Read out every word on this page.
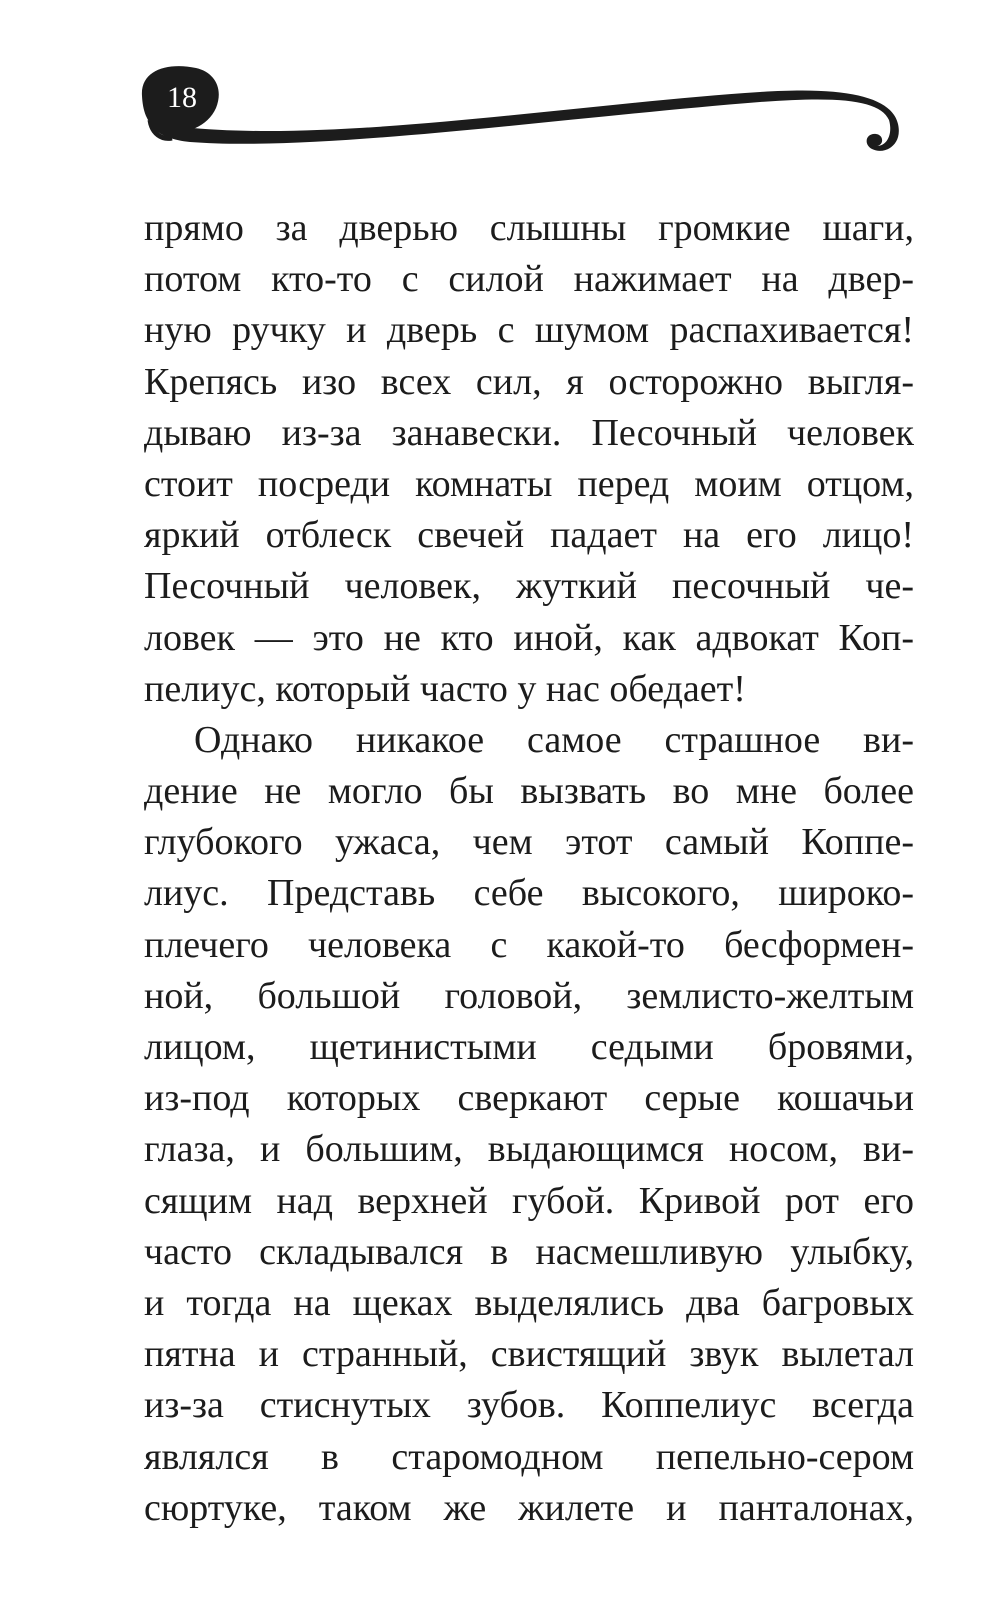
18
прямо за дверью слышны громкие шаги,
потом кто-то с силой нажимает на двер-
ную ручку и дверь с шумом распахивается!
Крепясь изо всех сил, я осторожно выгля-
дываю из-за занавески. Песочный человек
стоит посреди комнаты перед моим отцом,
яркий отблеск свечей падает на его лицо!
Песочный человек, жуткий песочный че-
ловек — это не кто иной, как адвокат Коп-
пелиус, который часто у нас обедает!
Однако никакое самое страшное ви-
дение не могло бы вызвать во мне более
глубокого ужаса, чем этот самый Коппе-
лиус. Представь себе высокого, широко-
плечего человека с какой-то бесформен-
ной, большой головой, землисто-желтым
лицом, щетинистыми седыми бровями,
из-под которых сверкают серые кошачьи
глаза, и большим, выдающимся носом, ви-
сящим над верхней губой. Кривой рот его
часто складывался в насмешливую улыбку,
и тогда на щеках выделялись два багровых
пятна и странный, свистящий звук вылетал
из-за стиснутых зубов. Коппелиус всегда
являлся в старомодном пепельно-сером
сюртуке, таком же жилете и панталонах,
